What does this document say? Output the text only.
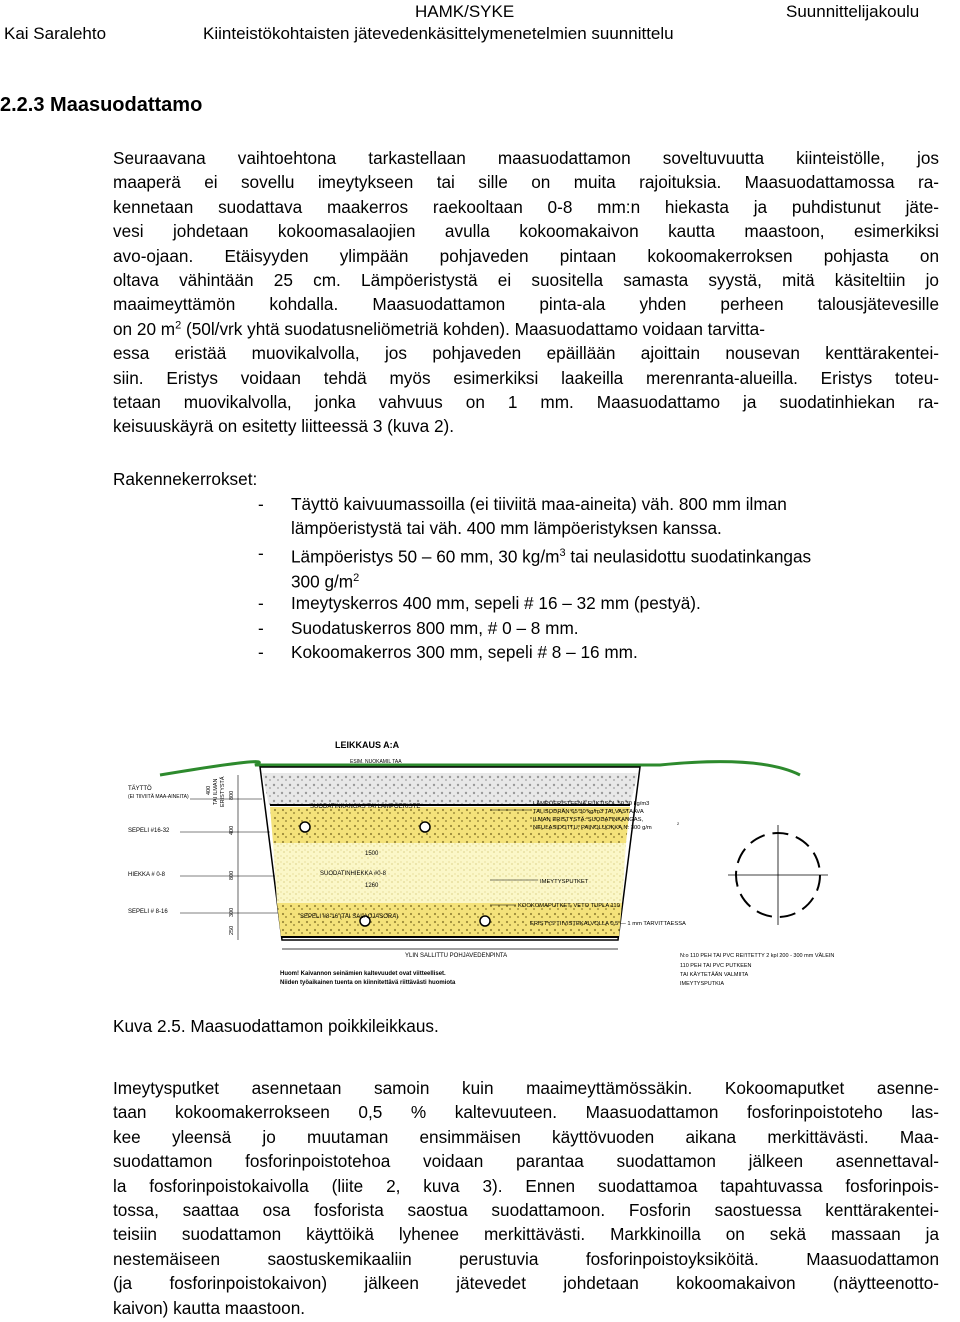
HAMK/SYKE	Suunnittelijakoulu
Kai Saralehto	Kiinteistökohtaisten jätevedenkäsittelymenetelmien suunnittelu
2.2.3 Maasuodattamo
Seuraavana vaihtoehtona tarkastellaan maasuodattamon soveltuvuutta kiinteistölle, jos
maaperä ei sovellu imeytykseen tai sille on muita rajoituksia. Maasuodattamossa ra-
kennetaan suodattava maakerros raekooltaan 0-8 mm:n hiekasta ja puhdistunut jäte-
vesi johdetaan kokoomasalaojien avulla kokoomakaivon kautta maastoon, esimerkiksi
avo-ojaan. Etäisyyden ylimpään pohjaveden pintaan kokoomakerroksen pohjasta on
oltava vähintään 25 cm. Lämpöeristystä ei suositella samasta syystä, mitä käsiteltiin jo
maaimeyttämön kohdalla. Maasuodattamon pinta-ala yhden perheen talousjätevesille
on 20 $m^2$ (50l/vrk yhtä suodatusneliömetriä kohden). Maasuodattamo voidaan tarvitta-
essa eristää muovikalvolla, jos pohjaveden epäillään ajoittain nousevan kenttärakentei-
siin. Eristys voidaan tehdä myös esimerkiksi laakeilla merenranta-alueilla. Eristys toteu-
tetaan muovikalvolla, jonka vahvuus on 1 mm. Maasuodattamo ja suodatinhiekan ra-
keisuuskäyrä on esitetty liitteessä 3 (kuva 2).
Rakennekerrokset:
- Täyttö kaivuumassoilla (ei tiiviitä maa-aineita) väh. 800 mm ilman
lämpöeristystä tai väh. 400 mm lämpöeristyksen kanssa.
- Lämpöeristys 50 – 60 mm, 30 $kg/m^3$ tai neulasidottu suodatinkangas
300 $g/m^2$
- Imeytyskerros 400 mm, sepeli # 16 – 32 mm (pestyä).
- Suodatuskerros 800 mm, # 0 – 8 mm.
- Kokoomakerros 300 mm, sepeli # 8 – 16 mm.
LEIKKAUS A:A
ESIM. NUOKAMIL TAA
SUODATINKANGAS TAI LÄMPÖERISTE
1500
SUODATINHIEKKA #0-8
1260
SEPELI #8-16 (TAI SALAOJASORA)
YLIN SALLITTU POHJAVEDENPINTA
TÄYTTÖ
(EI TIIVIITÄ MAA-AINEITA)
SEPELI #16-32
HIEKKA # 0-8
SEPELI # 8-16
400 TAI ILMAN ERISTYSTÄ 800
400
800
250
300
LÄMPÖERISTEENÄ FUKTISOL 50 30 kg/m3
TAI ISODRÄN 65 30 kg/m3 TAI VASTAAVA
ILMAN ERISTYSTÄ: SUODATINKANGAS,
NEULASIDOTTU, PAINOLUOKKA N: 300 g/m
2
IMEYTYSPUTKET
KOOKOMAPUTKET, VETO TUPLA 110
ERISTYS TIIVISTEKALVOLLA 0.5 — 1 mm TARVITTAESSA
Huom! Kaivannon seinämien kaltevuudet ovat viitteelliset.
Niiden työaikainen tuenta on kiinnitettävä riittävästi huomiota
N:o 110 PEH TAI PVC REI'ITETTY 2 kpl 200 - 300 mm VÄLEIN
110 PEH TAI PVC PUTKEEN
TAI KÄYTETÄÄN VALMIITA
IMEYTYSPUTKIA
Kuva 2.5. Maasuodattamon poikkileikkaus.
Imeytysputket asennetaan samoin kuin maaimeyttämössäkin. Kokoomaputket asenne-
taan kokoomakerrokseen 0,5 % kaltevuuteen. Maasuodattamon fosforinpoistoteho las-
kee yleensä jo muutaman ensimmäisen käyttövuoden aikana merkittävästi. Maa-
suodattamon fosforinpoistotehoa voidaan parantaa suodattamon jälkeen asennettaval-
la fosforinpoistokaivolla (liite 2, kuva 3). Ennen suodattamoa tapahtuvassa fosforinpois-
tossa, saattaa osa fosforista saostua suodattamoon. Fosforin saostuessa kenttärakentei-
teisiin suodattamon käyttöikä lyhenee merkittävästi. Markkinoilla on sekä massaan ja
nestemäiseen saostuskemikaaliin perustuvia fosforinpoistoyksiköitä. Maasuodattamon
(ja fosforinpoistokaivon) jälkeen jätevedet johdetaan kokoomakaivon (näytteenotto-
kaivon) kautta maastoon.
